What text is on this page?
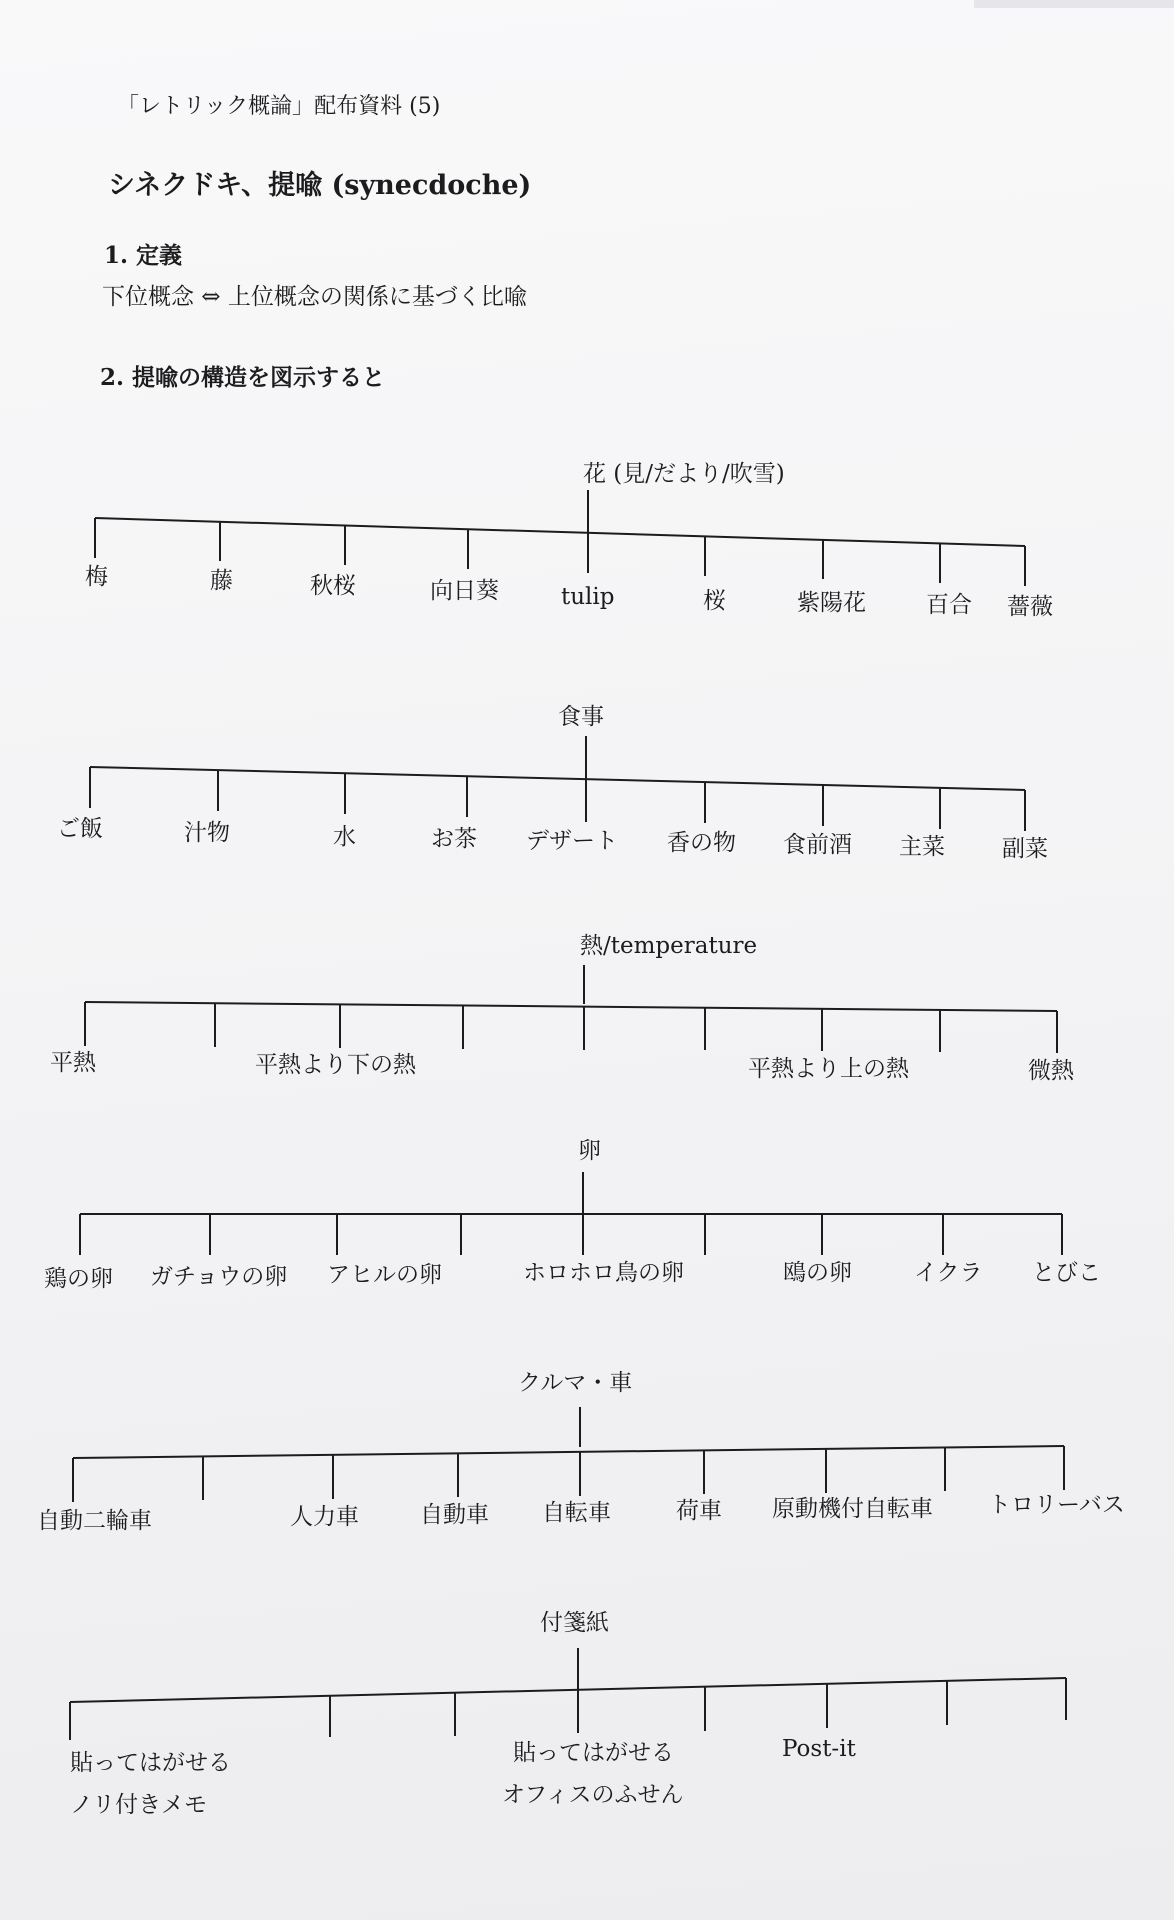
「レトリック概論」配布資料 (5)
シネクドキ、提喩 (synecdoche)
1. 定義
下位概念 ⇔ 上位概念の関係に基づく比喩
2. 提喩の構造を図示すると
花 (見/だより/吹雪)
梅	藤	秋桜	向日葵	tulip	桜	紫陽花	百合 薔薇
食事
ご飯	汁物	水	お茶 デザート 香の物 食前酒 主菜 副菜
熱/temperature
平熱	平熱より下の熱	平熱より上の熱	微熱
卵
鶏の卵 ガチョウの卵 アヒルの卵	ホロホロ鳥の卵	鴎の卵	イクラ とびこ
クルマ・車
自動二輪車	人力車	自動車 自転車	荷車 原動機付自転車 トロリーバス
付箋紙
貼ってはがせる
ノリ付きメモ
貼ってはがせる
オフィスのふせん
Post-it
